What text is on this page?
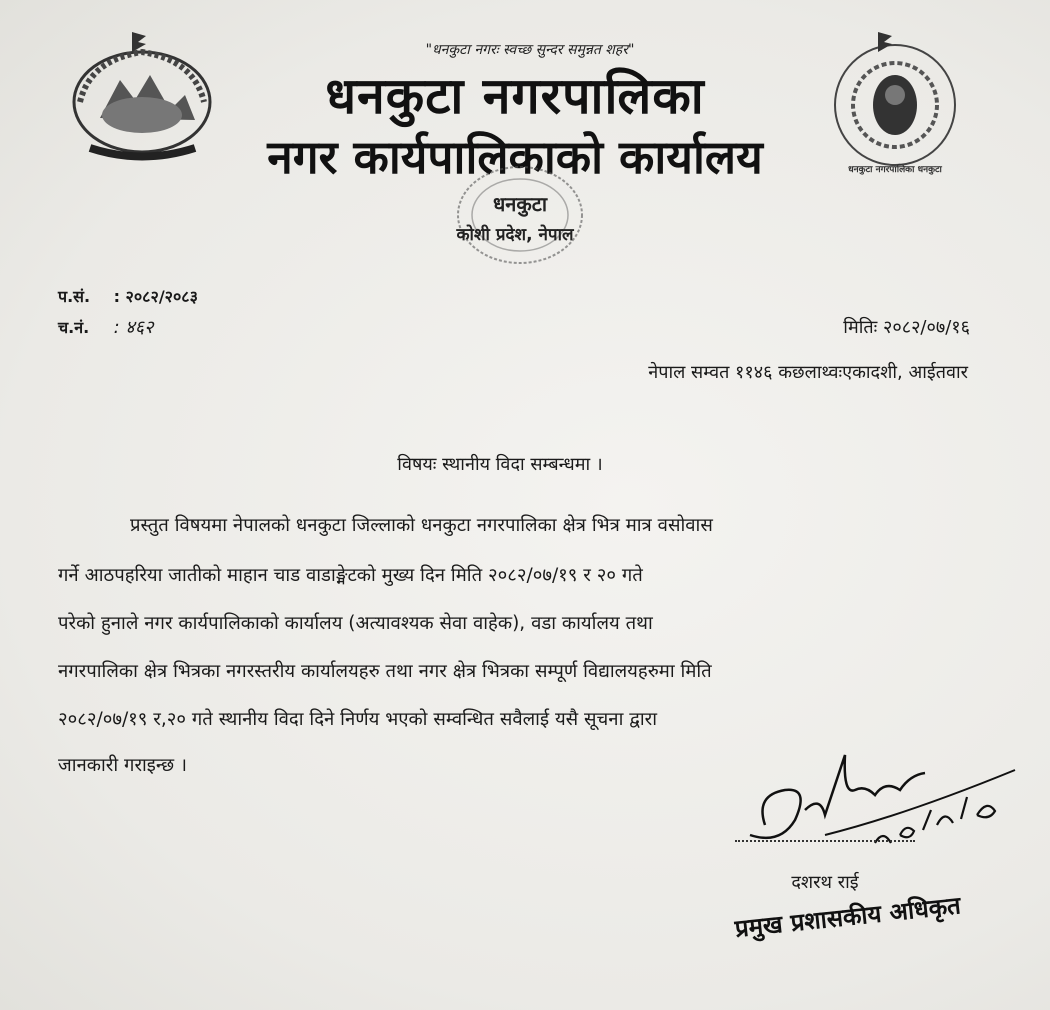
"धनकुटा नगरः स्वच्छ सुन्दर समुन्नत शहर"
धनकुटा नगरपालिका
नगर कार्यपालिकाको कार्यालय
धनकुटा
कोशी प्रदेश, नेपाल
धनकुटा नगरपालिका धनकुटा
प.सं. : २०८२/२०८३
च.नं. : ४६२	मितिः २०८२/०७/१६
नेपाल सम्वत ११४६ कछलाथ्वःएकादशी, आईतवार
विषयः स्थानीय विदा सम्बन्धमा ।
प्रस्तुत विषयमा नेपालको धनकुटा जिल्लाको धनकुटा नगरपालिका क्षेत्र भित्र मात्र वसोवास
गर्ने आठपहरिया जातीको माहान चाड वाडाङ्मेटको मुख्य दिन मिति २०८२/०७/१९ र २० गते
परेको हुनाले नगर कार्यपालिकाको कार्यालय (अत्यावश्यक सेवा वाहेक), वडा कार्यालय तथा
नगरपालिका क्षेत्र भित्रका नगरस्तरीय कार्यालयहरु तथा नगर क्षेत्र भित्रका सम्पूर्ण विद्यालयहरुमा मिति
२०८२/०७/१९ र,२० गते स्थानीय विदा दिने निर्णय भएको सम्वन्धित सवैलाई यसै सूचना द्वारा
जानकारी गराइन्छ ।
दशरथ राई
प्रमुख प्रशासकीय अधिकृत
